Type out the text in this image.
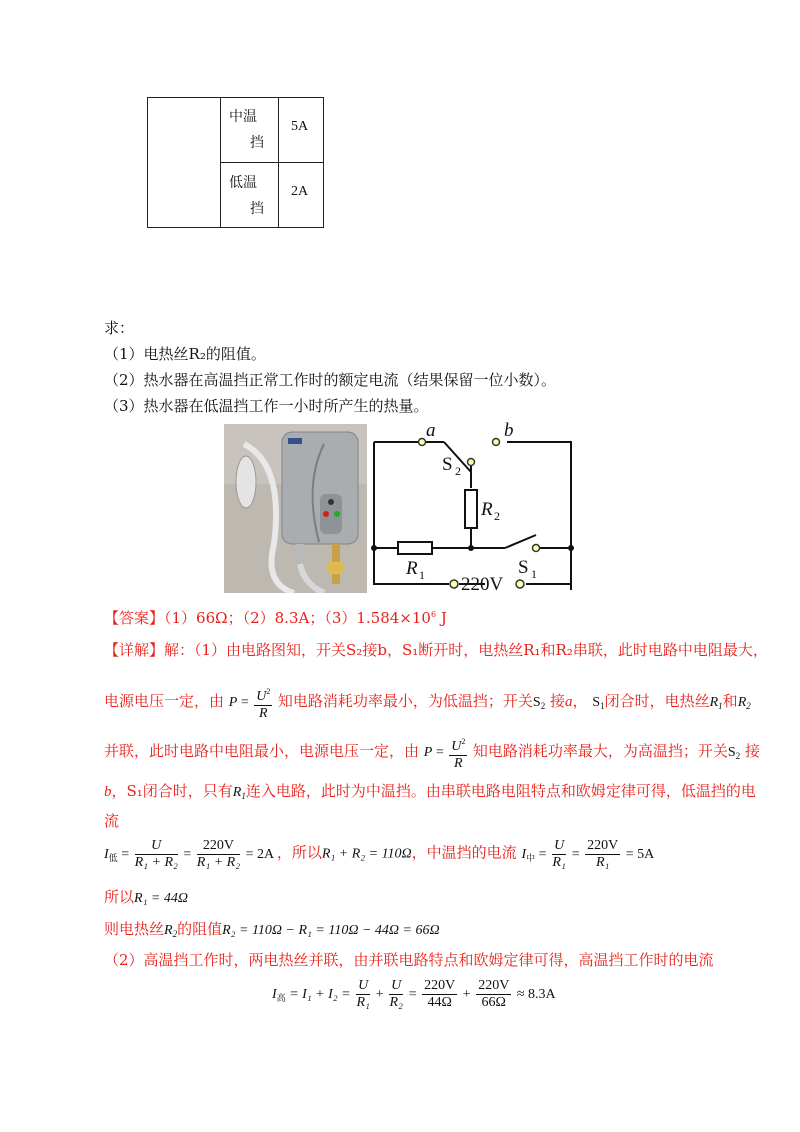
中温
挡
5A
低温
挡
2A
求：
（1）电热丝R₂的阻值。
（2）热水器在高温挡正常工作时的额定电流（结果保留一位小数）。
（3）热水器在低温挡工作一小时所产生的热量。
a	b
S 2
R 2
R 1	S 1
220V
【答案】（1）66Ω；（2）8.3A；$(3)1.584\times 10^6$ J
【详解】解：（1）由电路图知，开关S₂接b，S₁断开时，电热丝R₁和R₂串联，此时电路中电阻最大，
电源电压一定，由 $P = \frac{U^2}{R}$ 知电路消耗功率最小，为低温挡；开关$S_2$ 接a， $S_1$闭合时，电热丝$R_1$和$R_2$
并联，此时电路中电阻最小，电源电压一定，由 $P = \frac{U^2}{R}$ 知电路消耗功率最大，为高温挡；开关$S_2$ 接
b，S₁闭合时，只有$R_1$连入电路，此时为中温挡。由串联电路电阻特点和欧姆定律可得，低温挡的电
流
$I_低 = \frac{U}{\text{R₁ + R₂}} = \frac{220V}{\text{R₁ + R₂}} = 2A$ ，所以R₁ + R₂ = 110Ω，中温挡的电流 $I_中 = \frac{U}{\text{R₁}} = \frac{220V}{\text{R₁}} = 5A$
所以R₁ = 44Ω
则电热丝$R_2$的阻值R₂ = 110Ω − R₁ = 110Ω − 44Ω = 66Ω
（2）高温挡工作时，两电热丝并联，由并联电路特点和欧姆定律可得，高温挡工作时的电流
$I_高 = I_1 + I_2 = \frac{U}{\text{R₁}} + \frac{U}{\text{R₂}} = \frac{220V}{44\Omega} + \frac{220V}{66\Omega} \approx 8.3A$
